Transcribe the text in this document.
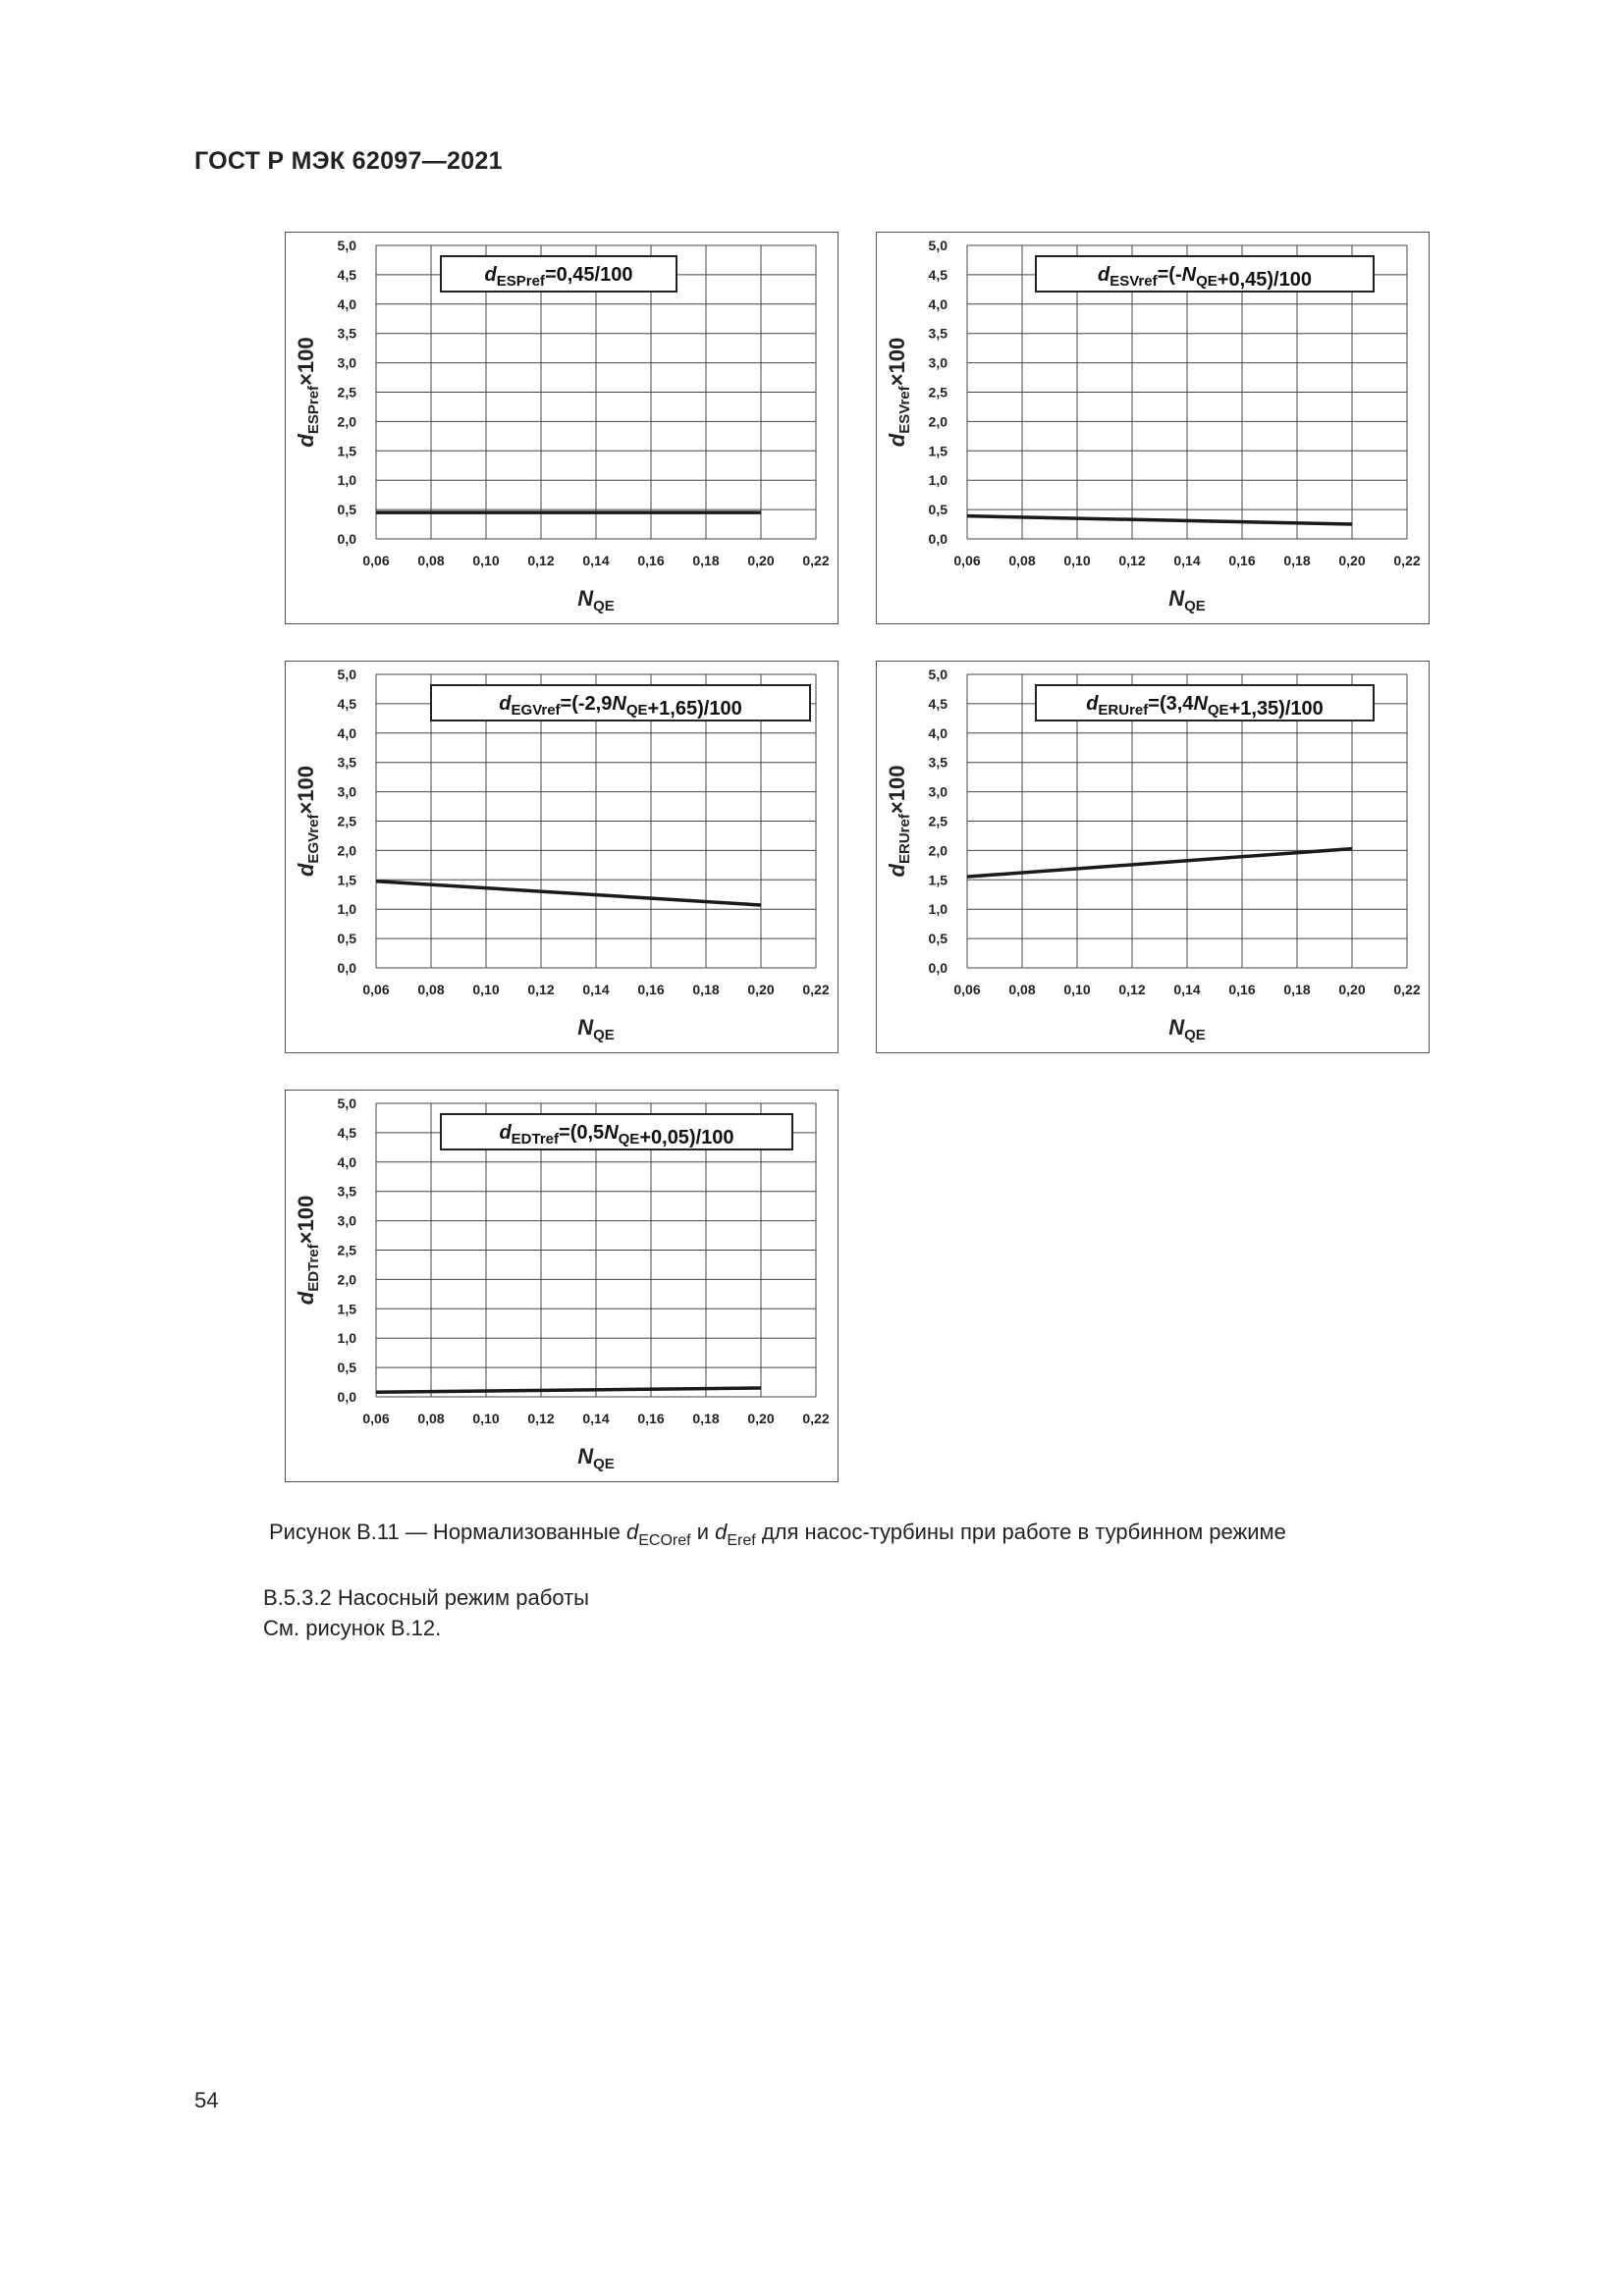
ГОСТ Р МЭК 62097—2021
0,06 0,08 0,10 0,12 0,14 0,16 0,18 0,20 0,22
0,0
0,5
1,0
1,5
2,0
2,5
3,0
3,5
4,0
4,5
5,0
$N_{QE}$
$d_{ESPref}\times 100$
$d_{ESPref}=0,45/100$
0,06 0,08 0,10 0,12 0,14 0,16 0,18 0,20 0,22
0,0
0,5
1,0
1,5
2,0
2,5
3,0
3,5
4,0
4,5
5,0
$N_{QE}$
$d_{ESVref}\times 100$
$d_{ESVref}=(-N_{QE}+0,45)/100$
0,06 0,08 0,10 0,12 0,14 0,16 0,18 0,20 0,22
0,0
0,5
1,0
1,5
2,0
2,5
3,0
3,5
4,0
4,5
5,0
$N_{QE}$
$d_{EGVref}\times 100$
$d_{EGVref}=(-2,9N_{QE}+1,65)/100$
0,06 0,08 0,10 0,12 0,14 0,16 0,18 0,20 0,22
0,0
0,5
1,0
1,5
2,0
2,5
3,0
3,5
4,0
4,5
5,0
$N_{QE}$
$d_{ERUref}\times 100$
$d_{ERUref}=(3,4N_{QE}+1,35)/100$
0,06 0,08 0,10 0,12 0,14 0,16 0,18 0,20 0,22
0,0
0,5
1,0
1,5
2,0
2,5
3,0
3,5
4,0
4,5
5,0
$N_{QE}$
$d_{EDTref}\times 100$
$d_{EDTref}=(0,5N_{QE}+0,05)/100$
Рисунок B.11 — Нормализованные $d_{ECOref}$ и $d_{Eref}$ для насос-турбины при работе в турбинном режиме
B.5.3.2 Насосный режим работы
См. рисунок B.12.
54
